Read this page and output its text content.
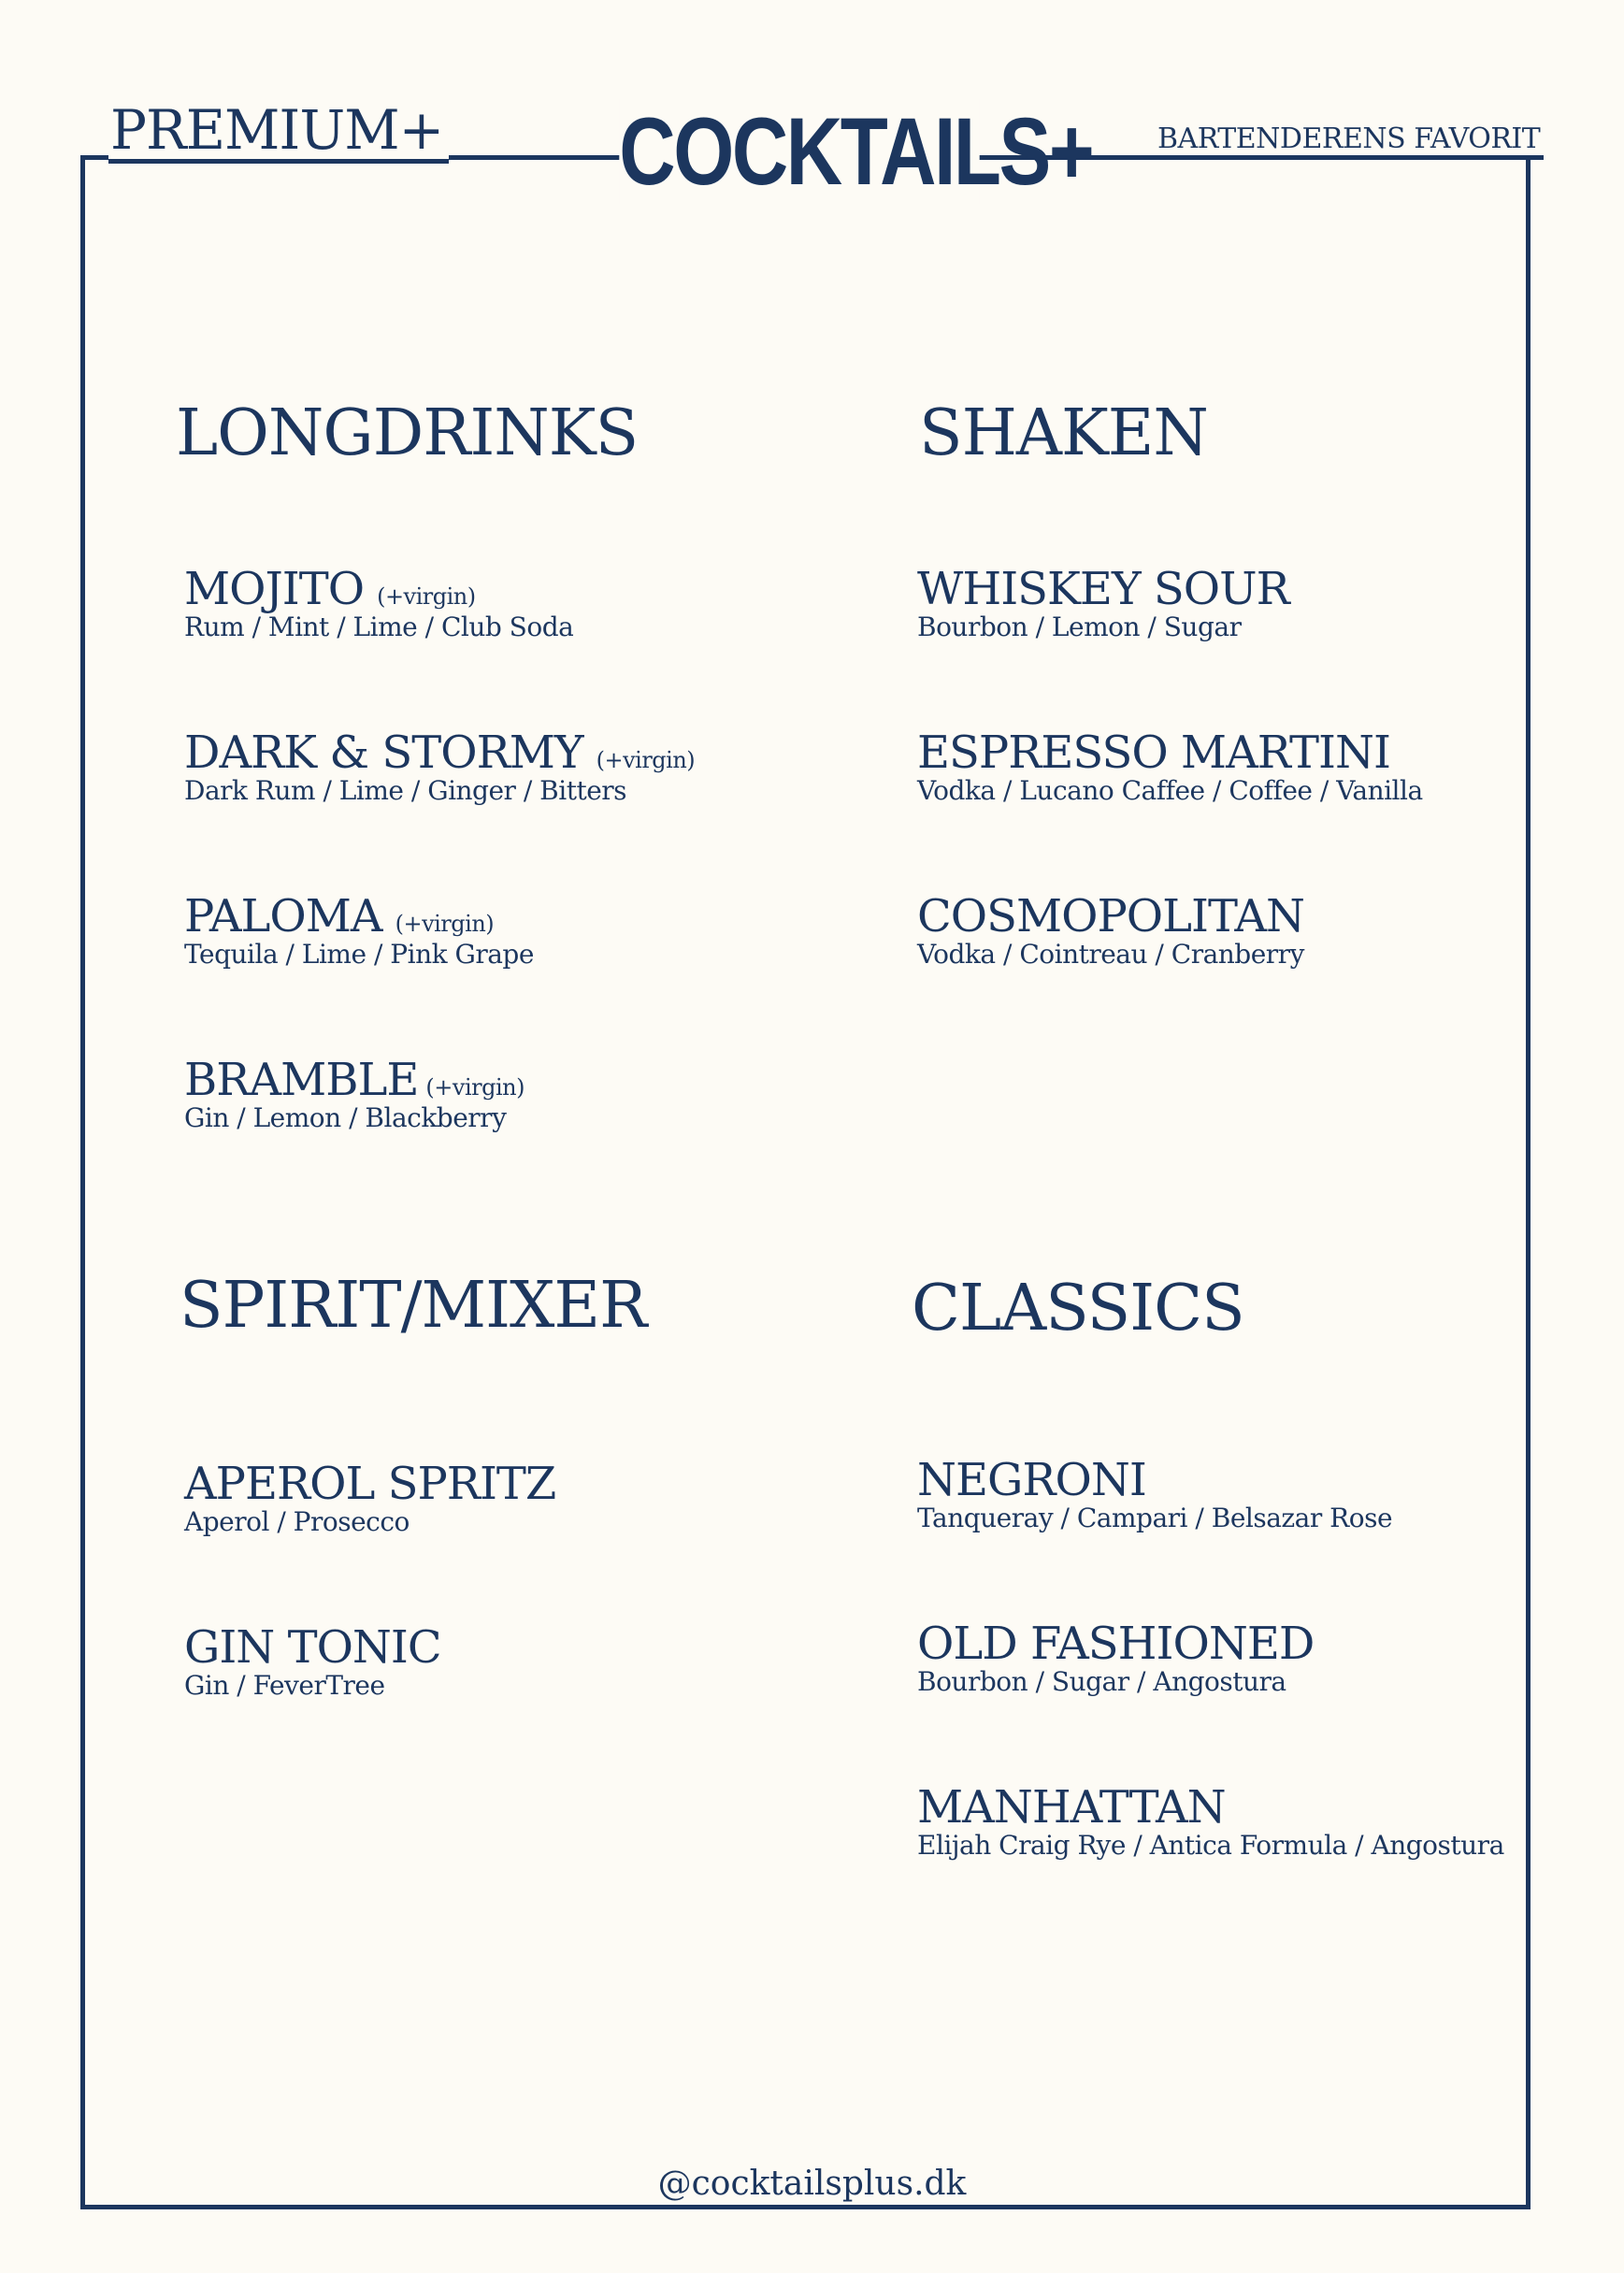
PREMIUM+ COCKTAILS+ BARTENDERENS FAVORIT
LONGDRINKS
MOJITO (+virgin)
Rum / Mint / Lime / Club Soda
DARK & STORMY (+virgin)
Dark Rum / Lime / Ginger / Bitters
PALOMA (+virgin)
Tequila / Lime / Pink Grape
BRAMBLE (+virgin)
Gin / Lemon / Blackberry
SHAKEN
WHISKEY SOUR
Bourbon / Lemon / Sugar
ESPRESSO MARTINI
Vodka / Lucano Caffee / Coffee / Vanilla
COSMOPOLITAN
Vodka / Cointreau / Cranberry
SPIRIT/MIXER
APEROL SPRITZ
Aperol / Prosecco
GIN TONIC
Gin / FeverTree
CLASSICS
NEGRONI
Tanqueray / Campari / Belsazar Rose
OLD FASHIONED
Bourbon / Sugar / Angostura
MANHATTAN
Elijah Craig Rye / Antica Formula / Angostura
@cocktailsplus.dk
